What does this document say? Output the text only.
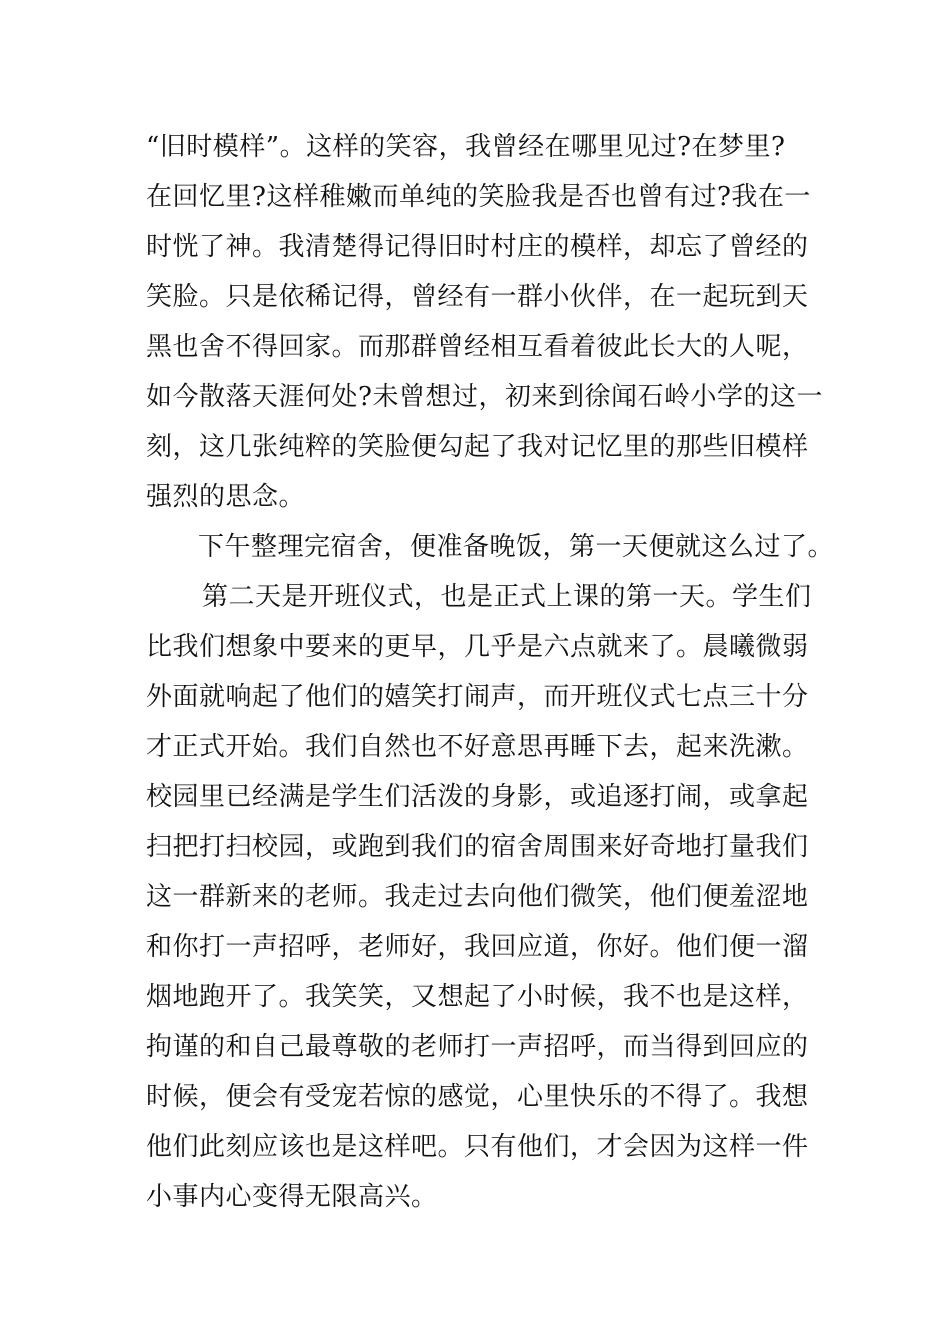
“旧时模样”。这样的笑容，我曾经在哪里见过?在梦里?
在回忆里?这样稚嫩而单纯的笑脸我是否也曾有过?我在一
时恍了神。我清楚得记得旧时村庄的模样，却忘了曾经的
笑脸。只是依稀记得，曾经有一群小伙伴，在一起玩到天
黑也舍不得回家。而那群曾经相互看着彼此长大的人呢，
如今散落天涯何处?未曾想过，初来到徐闻石岭小学的这一
刻，这几张纯粹的笑脸便勾起了我对记忆里的那些旧模样
强烈的思念。
下午整理完宿舍，便准备晚饭，第一天便就这么过了。
第二天是开班仪式，也是正式上课的第一天。学生们
比我们想象中要来的更早，几乎是六点就来了。晨曦微弱
外面就响起了他们的嬉笑打闹声，而开班仪式七点三十分
才正式开始。我们自然也不好意思再睡下去，起来洗漱。
校园里已经满是学生们活泼的身影，或追逐打闹，或拿起
扫把打扫校园，或跑到我们的宿舍周围来好奇地打量我们
这一群新来的老师。我走过去向他们微笑，他们便羞涩地
和你打一声招呼，老师好，我回应道，你好。他们便一溜
烟地跑开了。我笑笑，又想起了小时候，我不也是这样，
拘谨的和自己最尊敬的老师打一声招呼，而当得到回应的
时候，便会有受宠若惊的感觉，心里快乐的不得了。我想
他们此刻应该也是这样吧。只有他们，才会因为这样一件
小事内心变得无限高兴。
